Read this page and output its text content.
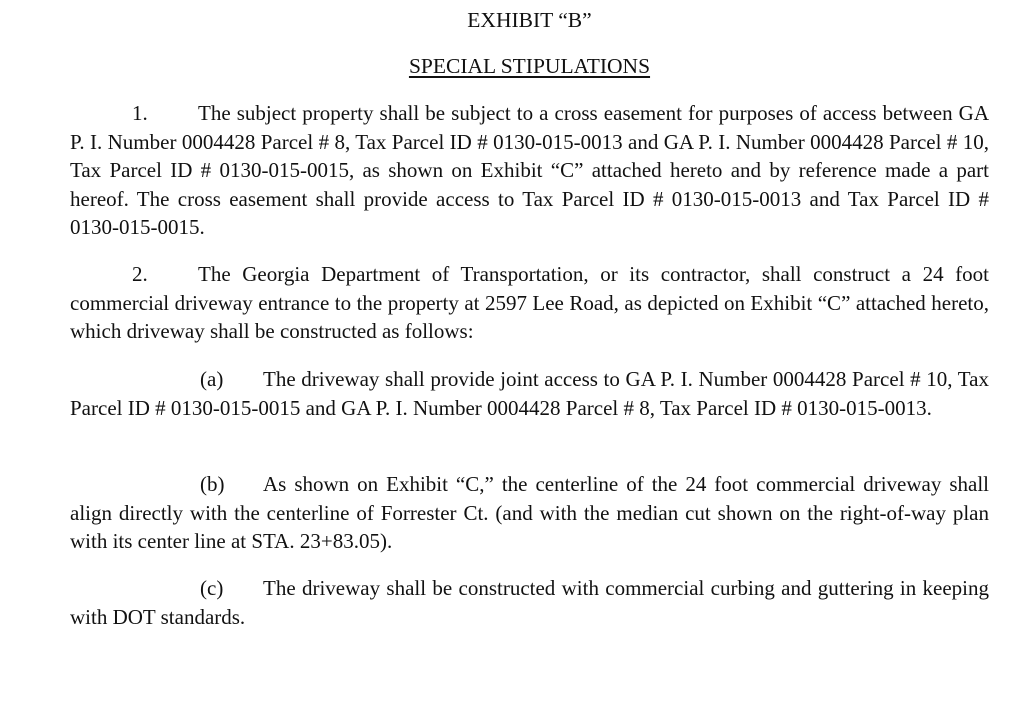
EXHIBIT “B”
SPECIAL STIPULATIONS

1. The subject property shall be subject to a cross easement for purposes of access between GA P. I. Number 0004428 Parcel # 8, Tax Parcel ID # 0130-015-0013 and GA P. I. Number 0004428 Parcel # 10, Tax Parcel ID # 0130-015-0015, as shown on Exhibit “C” attached hereto and by reference made a part hereof. The cross easement shall provide access to Tax Parcel ID # 0130-015-0013 and Tax Parcel ID # 0130-015-0015.

2. The Georgia Department of Transportation, or its contractor, shall construct a 24 foot commercial driveway entrance to the property at 2597 Lee Road, as depicted on Exhibit “C” attached hereto, which driveway shall be constructed as follows:

(a) The driveway shall provide joint access to GA P. I. Number 0004428 Parcel # 10, Tax Parcel ID # 0130-015-0015 and GA P. I. Number 0004428 Parcel # 8, Tax Parcel ID # 0130-015-0013.

(b) As shown on Exhibit “C,” the centerline of the 24 foot commercial driveway shall align directly with the centerline of Forrester Ct. (and with the median cut shown on the right-of-way plan with its center line at STA. 23+83.05).

(c) The driveway shall be constructed with commercial curbing and guttering in keeping with DOT standards.
